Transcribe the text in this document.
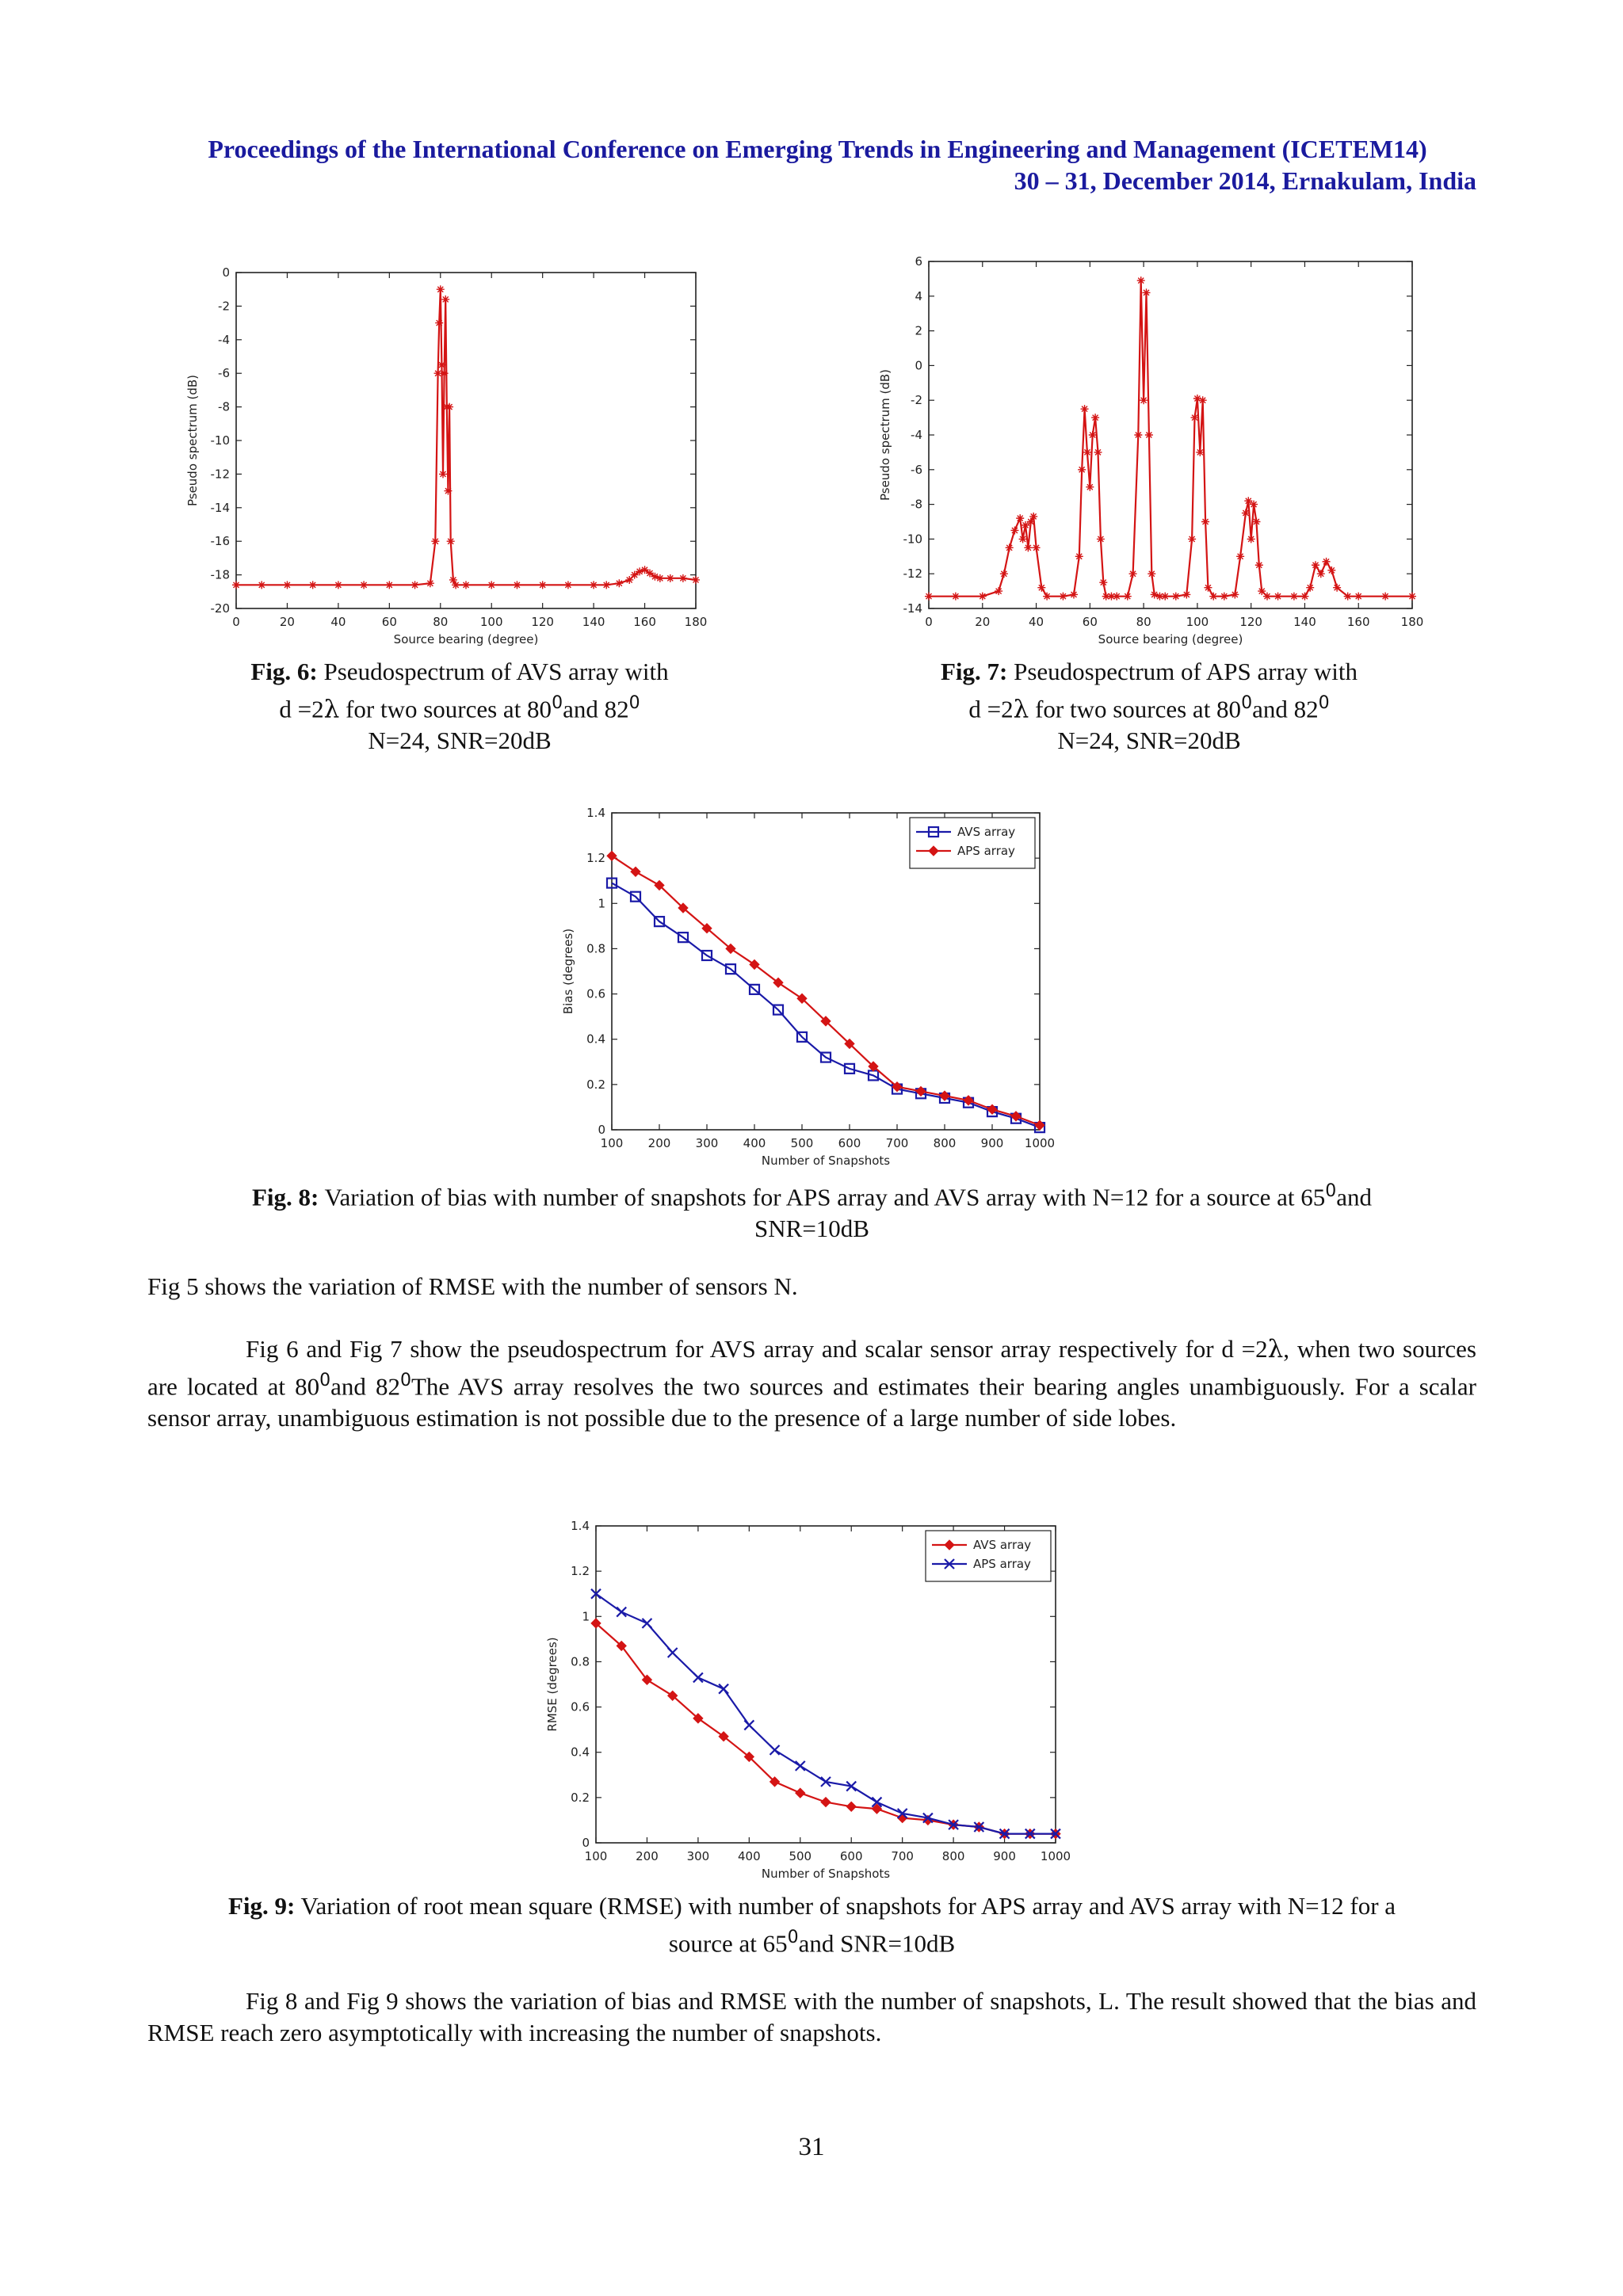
Proceedings of the International Conference on Emerging Trends in Engineering and Management (ICETEM14)
30 – 31, December 2014, Ernakulam, India
0	20	40	60	80	100 120 140 160 180
0
-2
-4
-6
-8
-10
-12
-14
-16
-18
-20
Source bearing (degree)
Pseudo spectrum (dB)
Fig. 6: Pseudospectrum of AVS array with
d =2λ for two sources at $80^0and$ $82^0$
N=24, SNR=20dB
0	20	40	60	80	100	120	140	160	180
6
4
2
0
-2
-4
-6
-8
-10
-12
-14
Source bearing (degree)
Pseudo spectrum (dB)
Fig. 7: Pseudospectrum of APS array with
d =2λ for two sources at $80^0and$ $82^0$
N=24, SNR=20dB
100 200 300 400 500 600 700 800 900 1000
0
0.2
0.4
0.6
0.8
1
1.2
1.4
Number of Snapshots
Bias (degrees)
AVS array
APS array
Fig. 8: Variation of bias with number of snapshots for APS array and AVS array with N=12 for a source at $65^0and$
SNR=10dB
Fig 5 shows the variation of RMSE with the number of sensors N.
Fig 6 and Fig 7 show the pseudospectrum for AVS array and scalar sensor array respectively for d =2λ, when two sources are located at $80^0and$ $82^0The$ AVS array resolves the two sources and estimates their bearing angles unambiguously. For a scalar sensor array, unambiguous estimation is not possible due to the presence of a large number of side lobes.
100 200 300 400 500 600 700 800 900 1000
0
0.2
0.4
0.6
0.8
1
1.2
1.4
Number of Snapshots
RMSE (degrees)
AVS array
APS array
Fig. 9: Variation of root mean square (RMSE) with number of snapshots for APS array and AVS array with N=12 for a
source at $65^0and$ SNR=10dB
Fig 8 and Fig 9 shows the variation of bias and RMSE with the number of snapshots, L. The result showed that the bias and RMSE reach zero asymptotically with increasing the number of snapshots.
31
